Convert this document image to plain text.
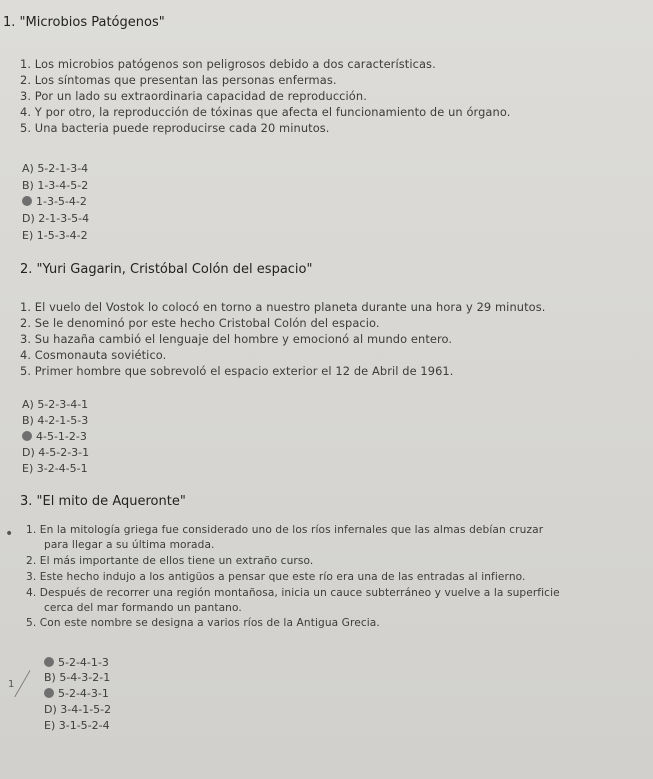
1. "Microbios Patógenos"
1. Los microbios patógenos son peligrosos debido a dos características.
2. Los síntomas que presentan las personas enfermas.
3. Por un lado su extraordinaria capacidad de reproducción.
4. Y por otro, la reproducción de tóxinas que afecta el funcionamiento de un órgano.
5. Una bacteria puede reproducirse cada 20 minutos.
A) 5-2-1-3-4
B) 1-3-4-5-2
1-3-5-4-2
D) 2-1-3-5-4
E) 1-5-3-4-2
2. "Yuri Gagarin, Cristóbal Colón del espacio"
1. El vuelo del Vostok lo colocó en torno a nuestro planeta durante una hora y 29 minutos.
2. Se le denominó por este hecho Cristobal Colón del espacio.
3. Su hazaña cambió el lenguaje del hombre y emocionó al mundo entero.
4. Cosmonauta soviético.
5. Primer hombre que sobrevoló el espacio exterior el 12 de Abril de 1961.
A) 5-2-3-4-1
B) 4-2-1-5-3
4-5-1-2-3
D) 4-5-2-3-1
E) 3-2-4-5-1
3. "El mito de Aqueronte"
• 1. En la mitología griega fue considerado uno de los ríos infernales que las almas debían cruzar
para llegar a su última morada.
2. El más importante de ellos tiene un extraño curso.
3. Este hecho indujo a los antigüos a pensar que este río era una de las entradas al infierno.
4. Después de recorrer una región montañosa, inicia un cauce subterráneo y vuelve a la superficie
cerca del mar formando un pantano.
5. Con este nombre se designa a varios ríos de la Antigua Grecia.
1
5-2-4-1-3
B) 5-4-3-2-1
5-2-4-3-1
D) 3-4-1-5-2
E) 3-1-5-2-4
